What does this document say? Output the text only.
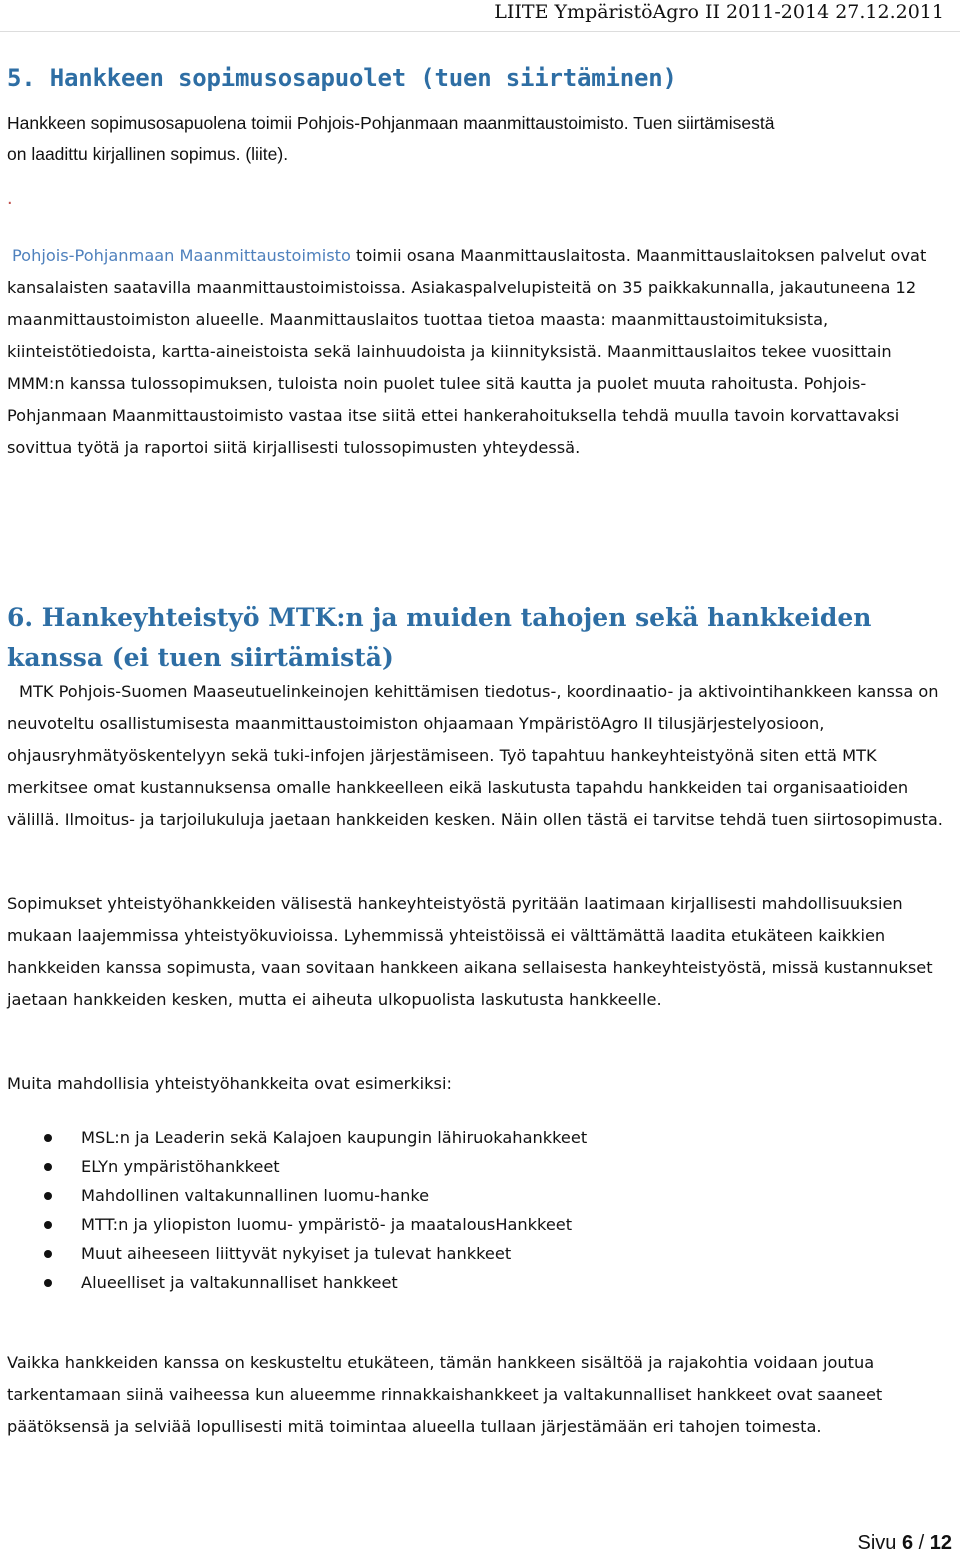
LIITE YmpäristöAgro II 2011-2014 27.12.2011
5. Hankkeen sopimusosapuolet (tuen siirtäminen)

Hankkeen sopimusosapuolena toimii Pohjois-Pohjanmaan maanmittaustoimisto. Tuen siirtämisestä
on laadittu kirjallinen sopimus. (liite).

.

Pohjois-Pohjanmaan Maanmittaustoimisto toimii osana Maanmittauslaitosta. Maanmittauslaitoksen palvelut ovat kansalaisten saatavilla maanmittaustoimistoissa. Asiakaspalvelupisteitä on 35 paikkakunnalla, jakautuneena 12 maanmittaustoimiston alueelle. Maanmittauslaitos tuottaa tietoa maasta: maanmittaustoimituksista, kiinteistötiedoista, kartta-aineistoista sekä lainhuudoista ja kiinnityksistä. Maanmittauslaitos tekee vuosittain MMM:n kanssa tulossopimuksen, tuloista noin puolet tulee sitä kautta ja puolet muuta rahoitusta. Pohjois-Pohjanmaan Maanmittaustoimisto vastaa itse siitä ettei hankerahoituksella tehdä muulla tavoin korvattavaksi sovittua työtä ja raportoi siitä kirjallisesti tulossopimusten yhteydessä.

6. Hankeyhteistyö MTK:n ja muiden tahojen sekä hankkeiden kanssa (ei tuen siirtämistä)

MTK Pohjois-Suomen Maaseutuelinkeinojen kehittämisen tiedotus-, koordinaatio- ja aktivointihankkeen kanssa on neuvoteltu osallistumisesta maanmittaustoimiston ohjaamaan YmpäristöAgro II tilusjärjestelyosioon, ohjausryhmätyöskentelyyn sekä tuki-infojen järjestämiseen. Työ tapahtuu hankeyhteistyönä siten että MTK merkitsee omat kustannuksensa omalle hankkeelleen eikä laskutusta tapahdu hankkeiden tai organisaatioiden välillä. Ilmoitus- ja tarjoilukuluja jaetaan hankkeiden kesken. Näin ollen tästä ei tarvitse tehdä tuen siirtosopimusta.

Sopimukset yhteistyöhankkeiden välisestä hankeyhteistyöstä pyritään laatimaan kirjallisesti mahdollisuuksien mukaan laajemmissa yhteistyökuvioissa. Lyhemmissä yhteistöissä ei välttämättä laadita etukäteen kaikkien hankkeiden kanssa sopimusta, vaan sovitaan hankkeen aikana sellaisesta hankeyhteistyöstä, missä kustannukset jaetaan hankkeiden kesken, mutta ei aiheuta ulkopuolista laskutusta hankkeelle.

Muita mahdollisia yhteistyöhankkeita ovat esimerkiksi:

MSL:n ja Leaderin sekä Kalajoen kaupungin lähiruokahankkeet
ELYn ympäristöhankkeet
Mahdollinen valtakunnallinen luomu-hanke
MTT:n ja yliopiston luomu- ympäristö- ja maatalousHankkeet
Muut aiheeseen liittyvät nykyiset ja tulevat hankkeet
Alueelliset ja valtakunnalliset hankkeet

Vaikka hankkeiden kanssa on keskusteltu etukäteen, tämän hankkeen sisältöä ja rajakohtia voidaan joutua tarkentamaan siinä vaiheessa kun alueemme rinnakkaishankkeet ja valtakunnalliset hankkeet ovat saaneet päätöksensä ja selviää lopullisesti mitä toimintaa alueella tullaan järjestämään eri tahojen toimesta.

Sivu 6 / 12
